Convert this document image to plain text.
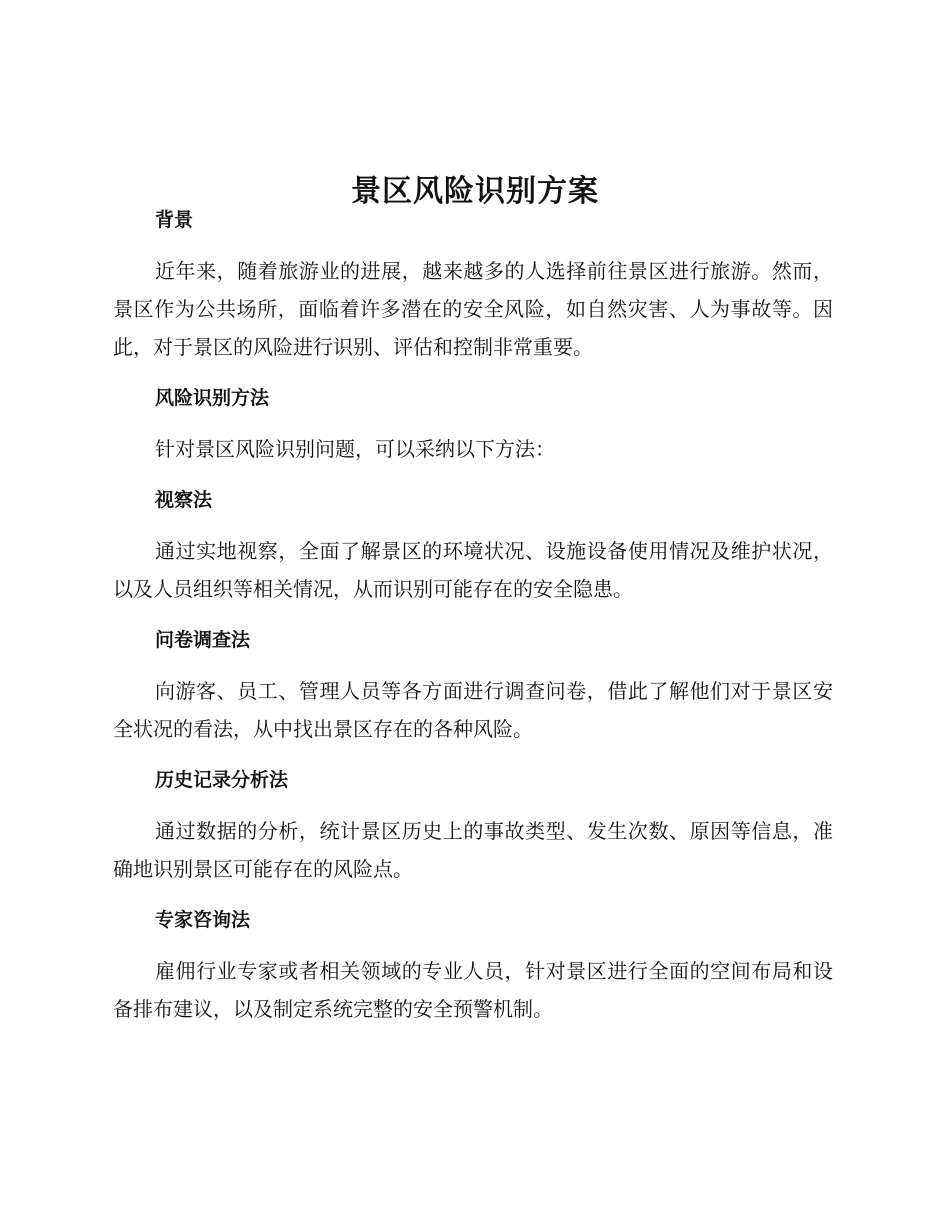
景区风险识别方案
背景

近年来，随着旅游业的进展，越来越多的人选择前往景区进行旅游。然而，景区作为公共场所，面临着许多潜在的安全风险，如自然灾害、人为事故等。因此，对于景区的风险进行识别、评估和控制非常重要。

风险识别方法

针对景区风险识别问题，可以采纳以下方法：

视察法

通过实地视察，全面了解景区的环境状况、设施设备使用情况及维护状况，以及人员组织等相关情况，从而识别可能存在的安全隐患。

问卷调查法

向游客、员工、管理人员等各方面进行调查问卷，借此了解他们对于景区安全状况的看法，从中找出景区存在的各种风险。

历史记录分析法

通过数据的分析，统计景区历史上的事故类型、发生次数、原因等信息，准确地识别景区可能存在的风险点。

专家咨询法

雇佣行业专家或者相关领域的专业人员，针对景区进行全面的空间布局和设备排布建议，以及制定系统完整的安全预警机制。
